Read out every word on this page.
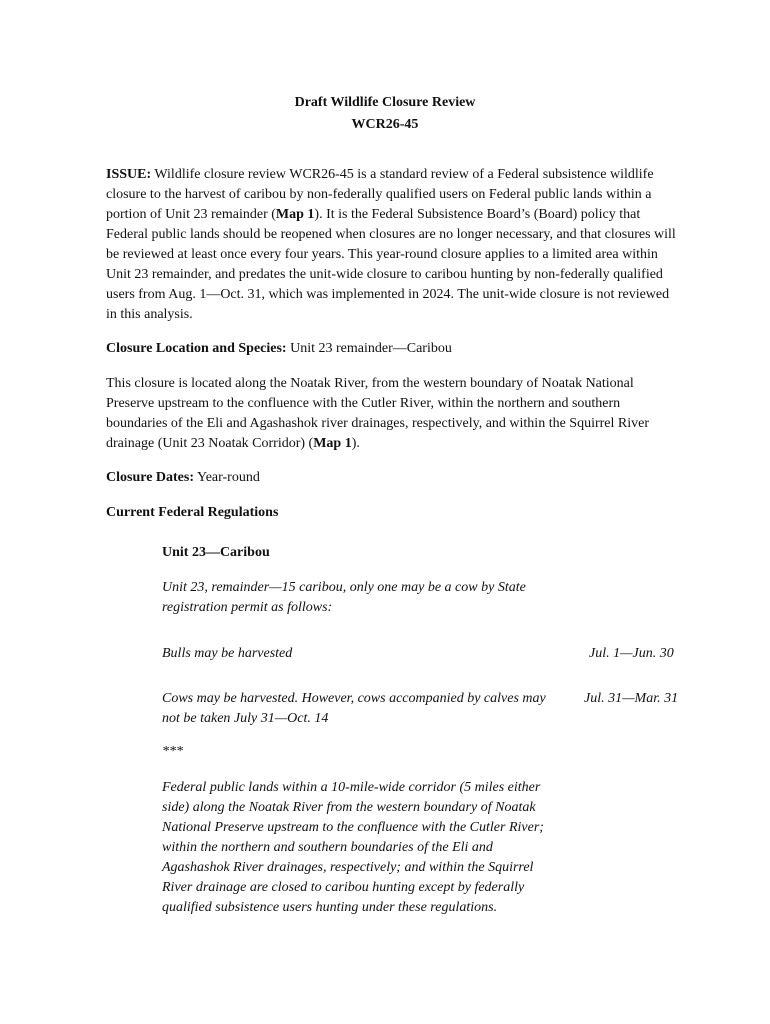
Draft Wildlife Closure Review
WCR26-45
ISSUE: Wildlife closure review WCR26-45 is a standard review of a Federal subsistence wildlife closure to the harvest of caribou by non-federally qualified users on Federal public lands within a portion of Unit 23 remainder (Map 1). It is the Federal Subsistence Board’s (Board) policy that Federal public lands should be reopened when closures are no longer necessary, and that closures will be reviewed at least once every four years. This year-round closure applies to a limited area within Unit 23 remainder, and predates the unit-wide closure to caribou hunting by non-federally qualified users from Aug. 1—Oct. 31, which was implemented in 2024. The unit-wide closure is not reviewed in this analysis.
Closure Location and Species: Unit 23 remainder—Caribou
This closure is located along the Noatak River, from the western boundary of Noatak National Preserve upstream to the confluence with the Cutler River, within the northern and southern boundaries of the Eli and Agashashok river drainages, respectively, and within the Squirrel River drainage (Unit 23 Noatak Corridor) (Map 1).
Closure Dates: Year-round
Current Federal Regulations
Unit 23—Caribou
Unit 23, remainder—15 caribou, only one may be a cow by State registration permit as follows:
Bulls may be harvested	Jul. 1—Jun. 30
Cows may be harvested. However, cows accompanied by calves may not be taken July 31—Oct. 14
Jul. 31—Mar. 31
***
Federal public lands within a 10-mile-wide corridor (5 miles either side) along the Noatak River from the western boundary of Noatak National Preserve upstream to the confluence with the Cutler River; within the northern and southern boundaries of the Eli and Agashashok River drainages, respectively; and within the Squirrel River drainage are closed to caribou hunting except by federally qualified subsistence users hunting under these regulations.
